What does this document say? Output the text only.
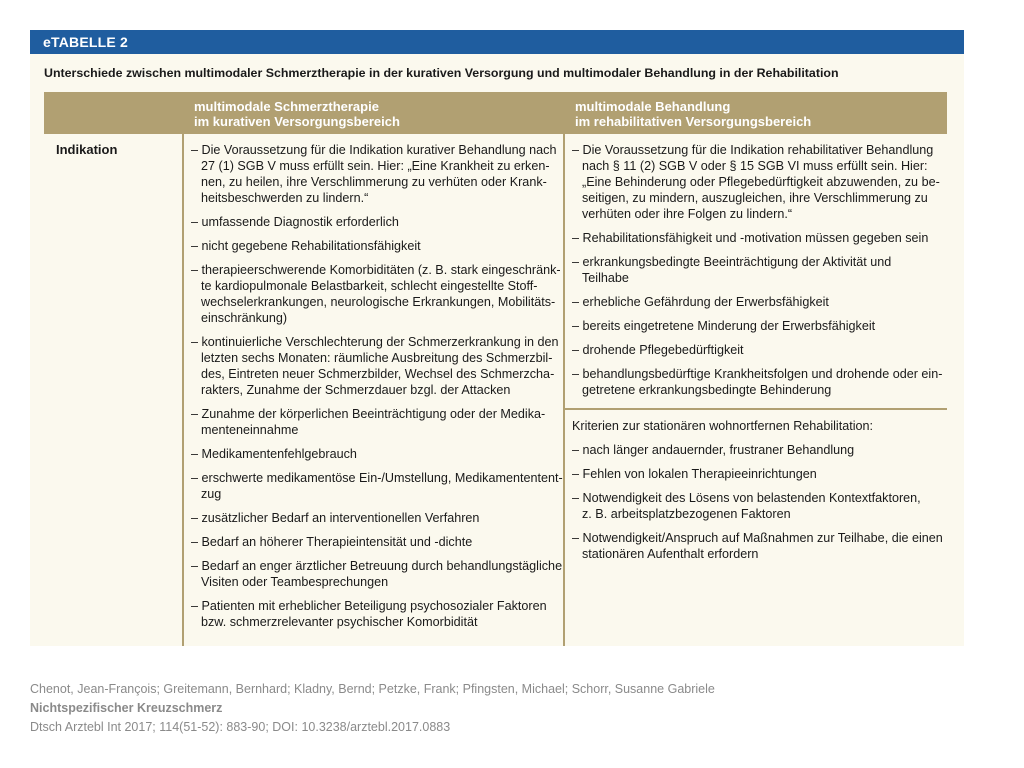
eTABELLE 2
Unterschiede zwischen multimodaler Schmerztherapie in der kurativen Versorgung und multimodaler Behandlung in der Rehabilitation
multimodale Schmerztherapie
im kurativen Versorgungsbereich
multimodale Behandlung
im rehabilitativen Versorgungsbereich
Indikation	– Die Voraussetzung für die Indikation kurativer Behandlung nach
27 (1) SGB V muss erfüllt sein. Hier: „Eine Krankheit zu erken-
nen, zu heilen, ihre Verschlimmerung zu verhüten oder Krank-
heitsbeschwerden zu lindern.“
– umfassende Diagnostik erforderlich
– nicht gegebene Rehabilitationsfähigkeit
– therapieerschwerende Komorbiditäten (z. B. stark eingeschränk-
te kardiopulmonale Belastbarkeit, schlecht eingestellte Stoff-
wechselerkrankungen, neurologische Erkrankungen, Mobilitäts-
einschränkung)
– kontinuierliche Verschlechterung der Schmerzerkrankung in den
letzten sechs Monaten: räumliche Ausbreitung des Schmerzbil-
des, Eintreten neuer Schmerzbilder, Wechsel des Schmerzcha-
rakters, Zunahme der Schmerzdauer bzgl. der Attacken
– Zunahme der körperlichen Beeinträchtigung oder der Medika-
menteneinnahme
– Medikamentenfehlgebrauch
– erschwerte medikamentöse Ein-/Umstellung, Medikamententent-
zug
– zusätzlicher Bedarf an interventionellen Verfahren
– Bedarf an höherer Therapieintensität und -dichte
– Bedarf an enger ärztlicher Betreuung durch behandlungstägliche
Visiten oder Teambesprechungen
– Patienten mit erheblicher Beteiligung psychosozialer Faktoren
bzw. schmerzrelevanter psychischer Komorbidität
– Die Voraussetzung für die Indikation rehabilitativer Behandlung
nach § 11 (2) SGB V oder § 15 SGB VI muss erfüllt sein. Hier:
„Eine Behinderung oder Pflegebedürftigkeit abzuwenden, zu be-
seitigen, zu mindern, auszugleichen, ihre Verschlimmerung zu
verhüten oder ihre Folgen zu lindern.“
– Rehabilitationsfähigkeit und -motivation müssen gegeben sein
– erkrankungsbedingte Beeinträchtigung der Aktivität und
Teilhabe
– erhebliche Gefährdung der Erwerbsfähigkeit
– bereits eingetretene Minderung der Erwerbsfähigkeit
– drohende Pflegebedürftigkeit
– behandlungsbedürftige Krankheitsfolgen und drohende oder ein-
getretene erkrankungsbedingte Behinderung
Kriterien zur stationären wohnortfernen Rehabilitation:
– nach länger andauernder, frustraner Behandlung
– Fehlen von lokalen Therapieeinrichtungen
– Notwendigkeit des Lösens von belastenden Kontextfaktoren,
z. B. arbeitsplatzbezogenen Faktoren
– Notwendigkeit/Anspruch auf Maßnahmen zur Teilhabe, die einen
stationären Aufenthalt erfordern
Chenot, Jean-François; Greitemann, Bernhard; Kladny, Bernd; Petzke, Frank; Pfingsten, Michael; Schorr, Susanne Gabriele
Nichtspezifischer Kreuzschmerz
Dtsch Arztebl Int 2017; 114(51-52): 883-90; DOI: 10.3238/arztebl.2017.0883
